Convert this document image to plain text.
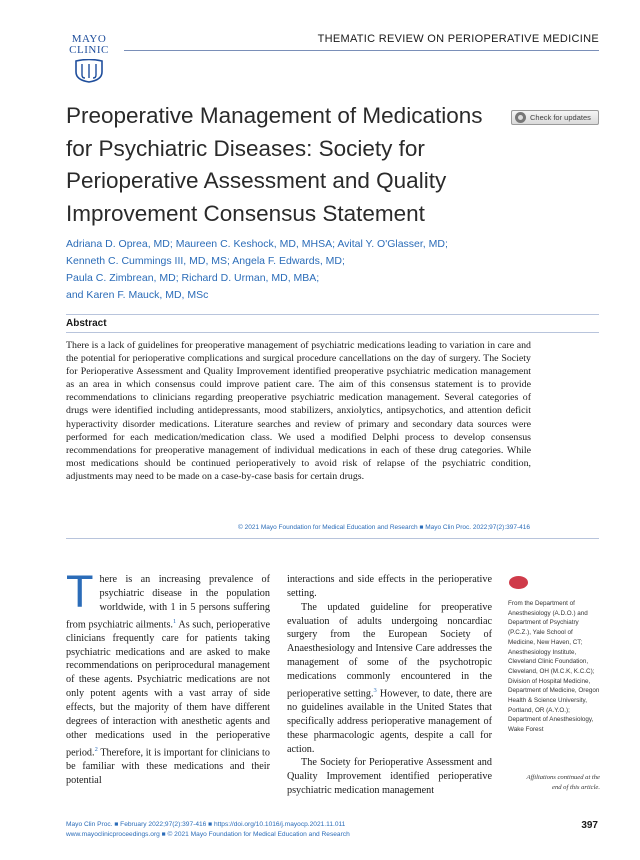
MAYO
CLINIC
THEMATIC REVIEW ON PERIOPERATIVE MEDICINE
Preoperative Management of Medications for Psychiatric Diseases: Society for Perioperative Assessment and Quality Improvement Consensus Statement
Check for updates
Adriana D. Oprea, MD; Maureen C. Keshock, MD, MHSA; Avital Y. O'Glasser, MD;
Kenneth C. Cummings III, MD, MS; Angela F. Edwards, MD;
Paula C. Zimbrean, MD; Richard D. Urman, MD, MBA;
and Karen F. Mauck, MD, MSc
Abstract

There is a lack of guidelines for preoperative management of psychiatric medications leading to variation in care and the potential for perioperative complications and surgical procedure cancellations on the day of surgery. The Society for Perioperative Assessment and Quality Improvement identified preoperative psychiatric medication management as an area in which consensus could improve patient care. The aim of this consensus statement is to provide recommendations to clinicians regarding preoperative psychiatric medication management. Several categories of drugs were identified including antidepressants, mood stabilizers, anxiolytics, antipsychotics, and attention deficit hyperactivity disorder medications. Literature searches and review of primary and secondary data sources were performed for each medication/medication class. We used a modified Delphi process to develop consensus recommendations for preoperative management of individual medications in each of these drug categories. While most medications should be continued perioperatively to avoid risk of relapse of the psychiatric condition, adjustments may need to be made on a case-by-case basis for certain drugs.

© 2021 Mayo Foundation for Medical Education and Research ■ Mayo Clin Proc. 2022;97(2):397-416
There is an increasing prevalence of psychiatric disease in the population worldwide, with 1 in 5 persons suffering from psychiatric ailments.$^1$ As such, perioperative clinicians frequently care for patients taking psychiatric medications and are asked to make recommendations on periprocedural management of these agents. Psychiatric medications are not only potent agents with a vast array of side effects, but the majority of them have different degrees of interaction with anesthetic agents and other medications used in the perioperative period.$^2$ Therefore, it is important for clinicians to be familiar with these medications and their potential

interactions and side effects in the perioperative setting.

The updated guideline for preoperative evaluation of adults undergoing noncardiac surgery from the European Society of Anaesthesiology and Intensive Care addresses the management of some of the psychotropic medications commonly encountered in the perioperative setting.$^3$ However, to date, there are no guidelines available in the United States that specifically address perioperative management of these pharmacologic agents, despite a call for action.

The Society for Perioperative Assessment and Quality Improvement identified perioperative psychiatric medication management

From the Department of Anesthesiology (A.D.O.) and Department of Psychiatry (P.C.Z.), Yale School of Medicine, New Haven, CT; Anesthesiology Institute, Cleveland Clinic Foundation, Cleveland, OH (M.C.K, K.C.C); Division of Hospital Medicine, Department of Medicine, Oregon Health & Science University, Portland, OR (A.Y.O.); Department of Anesthesiology, Wake Forest
Affiliations continued at the end of this article.
Mayo Clin Proc. ■ February 2022;97(2):397-416 ■ https://doi.org/10.1016/j.mayocp.2021.11.011
www.mayoclinicproceedings.org ■ © 2021 Mayo Foundation for Medical Education and Research
397
